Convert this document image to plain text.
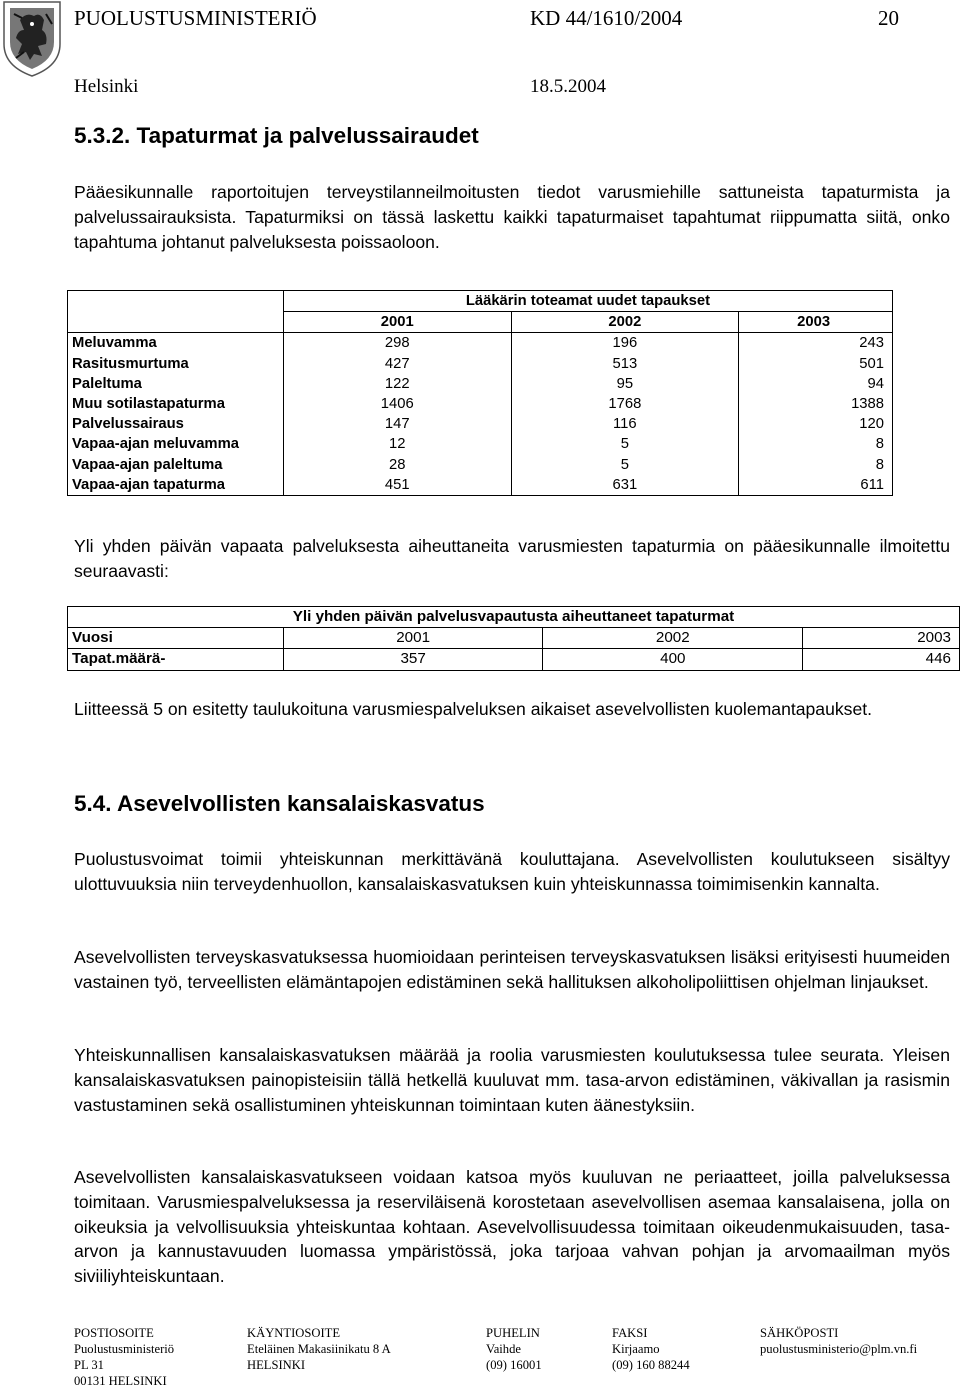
PUOLUSTUSMINISTERIÖ	KD 44/1610/2004	20
Helsinki	18.5.2004
5.3.2. Tapaturmat ja palvelussairaudet

Pääesikunnalle raportoitujen terveystilanneilmoitusten tiedot varusmiehille sattuneista tapaturmista ja palvelussairauksista. Tapaturmiksi on tässä laskettu kaikki tapaturmaiset tapahtumat riippumatta siitä, onko tapahtuma johtanut palveluksesta poissaoloon.

	Lääkärin toteamat uudet tapaukset		
	2001	2002	2003
Meluvamma	298	196	243
Rasitusmurtuma	427	513	501
Paleltuma	122	95	94
Muu sotilastapaturma	1406	1768	1388
Palvelussairaus	147	116	120
Vapaa-ajan meluvamma	12	5	8
Vapaa-ajan paleltuma	28	5	8
Vapaa-ajan tapaturma	451	631	611

Yli yhden päivän vapaata palveluksesta aiheuttaneita varusmiesten tapaturmia on pääesikunnalle ilmoitettu seuraavasti:

Yli yhden päivän palvelusvapautusta aiheuttaneet tapaturmat			
Vuosi	2001	2002	2003
Tapat.määrä-	357	400	446

Liitteessä 5 on esitetty taulukoituna varusmiespalveluksen aikaiset asevelvollisten kuolemantapaukset.

5.4. Asevelvollisten kansalaiskasvatus

Puolustusvoimat toimii yhteiskunnan merkittävänä kouluttajana. Asevelvollisten koulutukseen sisältyy ulottuvuuksia niin terveydenhuollon, kansalaiskasvatuksen kuin yhteiskunnassa toimimisenkin kannalta.

Asevelvollisten terveyskasvatuksessa huomioidaan perinteisen terveyskasvatuksen lisäksi erityisesti huumeiden vastainen työ, terveellisten elämäntapojen edistäminen sekä hallituksen alkoholipoliittisen ohjelman linjaukset.

Yhteiskunnallisen kansalaiskasvatuksen määrää ja roolia varusmiesten koulutuksessa tulee seurata. Yleisen kansalaiskasvatuksen painopisteisiin tällä hetkellä kuuluvat mm. tasa-arvon edistäminen, väkivallan ja rasismin vastustaminen sekä osallistuminen yhteiskunnan toimintaan kuten äänestyksiin.

Asevelvollisten kansalaiskasvatukseen voidaan katsoa myös kuuluvan ne periaatteet, joilla palveluksessa toimitaan. Varusmiespalveluksessa ja reserviläisenä korostetaan asevelvollisen asemaa kansalaisena, jolla on oikeuksia ja velvollisuuksia yhteiskuntaa kohtaan. Asevelvollisuudessa toimitaan oikeudenmukaisuuden, tasa-arvon ja kannustavuuden luomassa ympäristössä, joka tarjoaa vahvan pohjan ja arvomaailman myös siviiliyhteiskuntaan.

POSTIOSOITE
Puolustusministeriö
PL 31
00131 HELSINKI
KÄYNTIOSOITE
Eteläinen Makasiinikatu 8 A
HELSINKI
PUHELIN
Vaihde
(09) 16001
FAKSI
Kirjaamo
(09) 160 88244
SÄHKÖPOSTI
puolustusministerio@plm.vn.fi
